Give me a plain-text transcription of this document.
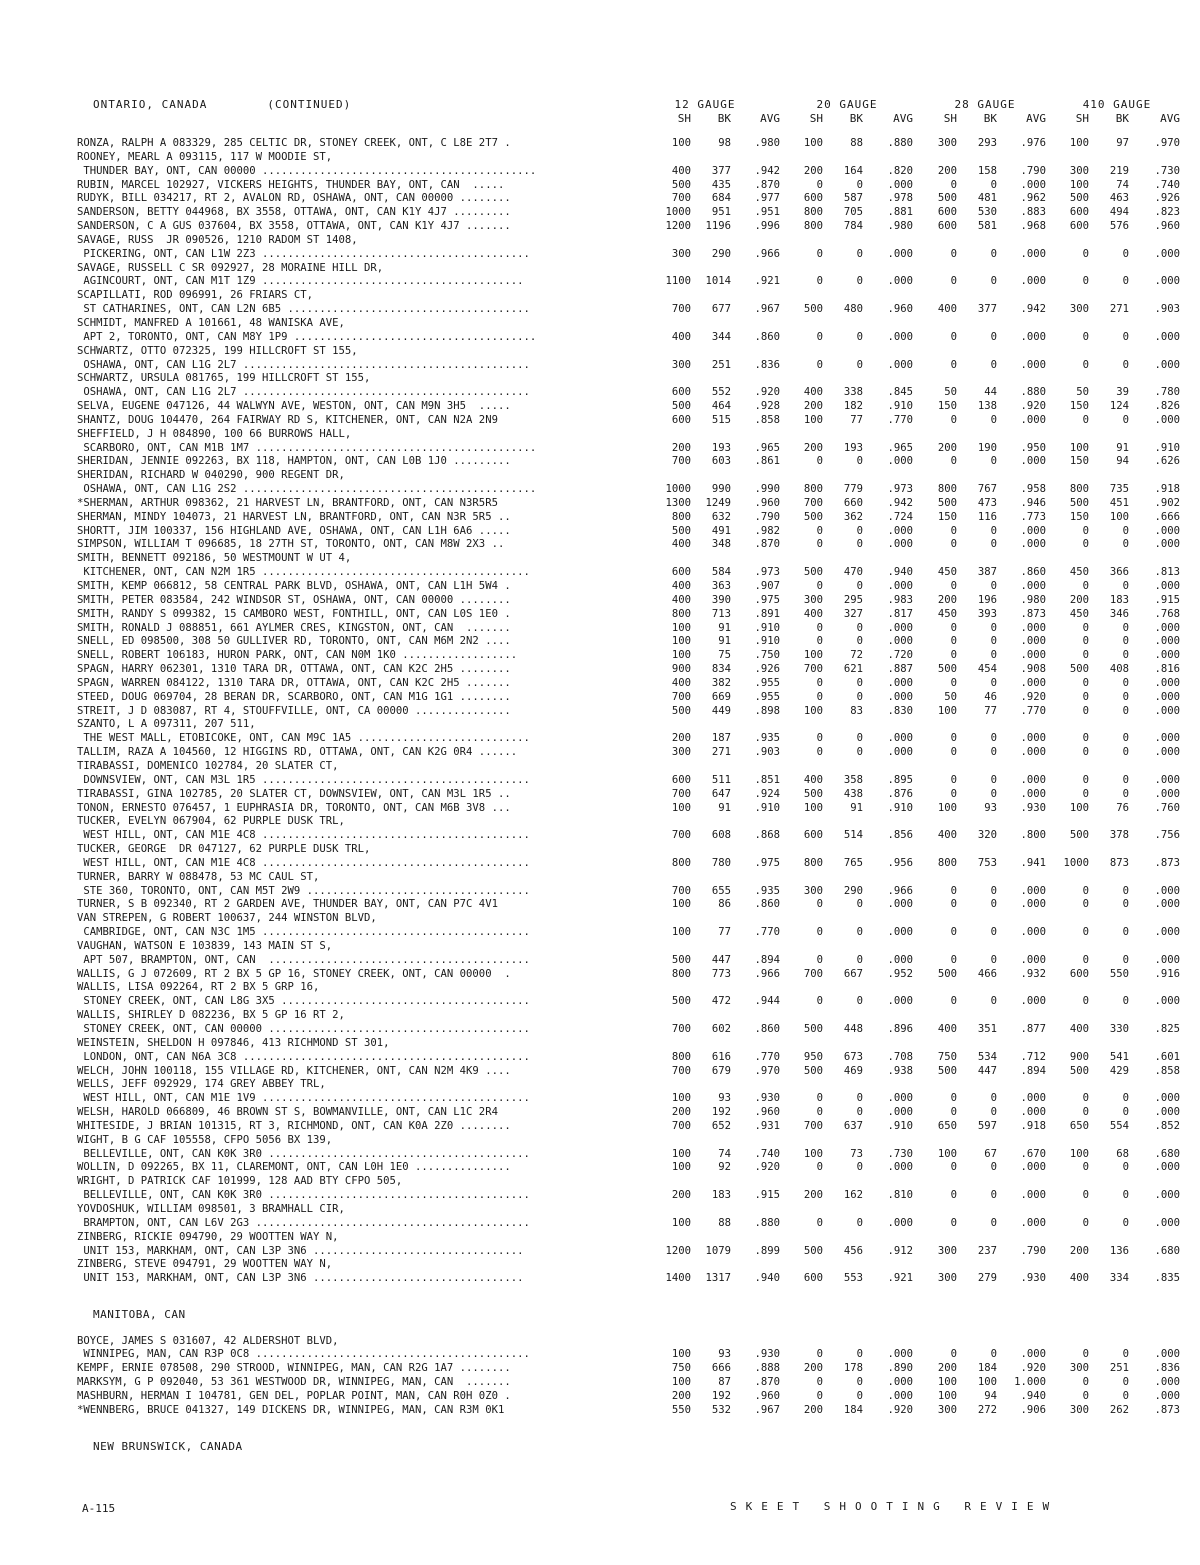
ONTARIO, CANADA	(CONTINUED)	12 GAUGE	20 GAUGE	28 GAUGE	410 GAUGE
SH	BK	AVG	SH	BK	AVG	SH	BK	AVG	SH	BK	AVG
RONZA, RALPH A 083329, 285 CELTIC DR, STONEY CREEK, ONT, C L8E 2T7 .	100	98	.980	100	88	.880	300	293	.976	100	97	.970
ROONEY, MEARL A 093115, 117 W MOODIE ST,
THUNDER BAY, ONT, CAN 00000 ...........................................	400	377	.942	200	164	.820	200	158	.790	300	219	.730
RUBIN, MARCEL 102927, VICKERS HEIGHTS, THUNDER BAY, ONT, CAN  .....	500	435	.870	0	0	.000	0	0	.000	100	74	.740
RUDYK, BILL 034217, RT 2, AVALON RD, OSHAWA, ONT, CAN 00000 ........	700	684	.977	600	587	.978	500	481	.962	500	463	.926
SANDERSON, BETTY 044968, BX 3558, OTTAWA, ONT, CAN K1Y 4J7 .........	1000	951	.951	800	705	.881	600	530	.883	600	494	.823
SANDERSON, C A GUS 037604, BX 3558, OTTAWA, ONT, CAN K1Y 4J7 .......	1200	1196	.996	800	784	.980	600	581	.968	600	576	.960
SAVAGE, RUSS  JR 090526, 1210 RADOM ST 1408,
PICKERING, ONT, CAN L1W 2Z3 ..........................................	300	290	.966	0	0	.000	0	0	.000	0	0	.000
SAVAGE, RUSSELL C SR 092927, 28 MORAINE HILL DR,
AGINCOURT, ONT, CAN M1T 1Z9 .........................................	1100	1014	.921	0	0	.000	0	0	.000	0	0	.000
SCAPILLATI, ROD 096991, 26 FRIARS CT,
ST CATHARINES, ONT, CAN L2N 6B5 ......................................	700	677	.967	500	480	.960	400	377	.942	300	271	.903
SCHMIDT, MANFRED A 101661, 48 WANISKA AVE,
APT 2, TORONTO, ONT, CAN M8Y 1P9 ......................................	400	344	.860	0	0	.000	0	0	.000	0	0	.000
SCHWARTZ, OTTO 072325, 199 HILLCROFT ST 155,
OSHAWA, ONT, CAN L1G 2L7 .............................................	300	251	.836	0	0	.000	0	0	.000	0	0	.000
SCHWARTZ, URSULA 081765, 199 HILLCROFT ST 155,
OSHAWA, ONT, CAN L1G 2L7 .............................................	600	552	.920	400	338	.845	50	44	.880	50	39	.780
SELVA, EUGENE 047126, 44 WALWYN AVE, WESTON, ONT, CAN M9N 3H5  .....	500	464	.928	200	182	.910	150	138	.920	150	124	.826
SHANTZ, DOUG 104470, 264 FAIRWAY RD S, KITCHENER, ONT, CAN N2A 2N9	600	515	.858	100	77	.770	0	0	.000	0	0	.000
SHEFFIELD, J H 084890, 100 66 BURROWS HALL,
SCARBORO, ONT, CAN M1B 1M7 ............................................	200	193	.965	200	193	.965	200	190	.950	100	91	.910
SHERIDAN, JENNIE 092263, BX 118, HAMPTON, ONT, CAN L0B 1J0 .........	700	603	.861	0	0	.000	0	0	.000	150	94	.626
SHERIDAN, RICHARD W 040290, 900 REGENT DR,
OSHAWA, ONT, CAN L1G 2S2 ..............................................	1000	990	.990	800	779	.973	800	767	.958	800	735	.918
*SHERMAN, ARTHUR 098362, 21 HARVEST LN, BRANTFORD, ONT, CAN N3R5R5	1300	1249	.960	700	660	.942	500	473	.946	500	451	.902
SHERMAN, MINDY 104073, 21 HARVEST LN, BRANTFORD, ONT, CAN N3R 5R5 ..	800	632	.790	500	362	.724	150	116	.773	150	100	.666
SHORTT, JIM 100337, 156 HIGHLAND AVE, OSHAWA, ONT, CAN L1H 6A6 .....	500	491	.982	0	0	.000	0	0	.000	0	0	.000
SIMPSON, WILLIAM T 096685, 18 27TH ST, TORONTO, ONT, CAN M8W 2X3 ..	400	348	.870	0	0	.000	0	0	.000	0	0	.000
SMITH, BENNETT 092186, 50 WESTMOUNT W UT 4,
KITCHENER, ONT, CAN N2M 1R5 ..........................................	600	584	.973	500	470	.940	450	387	.860	450	366	.813
SMITH, KEMP 066812, 58 CENTRAL PARK BLVD, OSHAWA, ONT, CAN L1H 5W4 .	400	363	.907	0	0	.000	0	0	.000	0	0	.000
SMITH, PETER 083584, 242 WINDSOR ST, OSHAWA, ONT, CAN 00000 ........	400	390	.975	300	295	.983	200	196	.980	200	183	.915
SMITH, RANDY S 099382, 15 CAMBORO WEST, FONTHILL, ONT, CAN L0S 1E0 .	800	713	.891	400	327	.817	450	393	.873	450	346	.768
SMITH, RONALD J 088851, 661 AYLMER CRES, KINGSTON, ONT, CAN  .......	100	91	.910	0	0	.000	0	0	.000	0	0	.000
SNELL, ED 098500, 308 50 GULLIVER RD, TORONTO, ONT, CAN M6M 2N2 ....	100	91	.910	0	0	.000	0	0	.000	0	0	.000
SNELL, ROBERT 106183, HURON PARK, ONT, CAN N0M 1K0 ..................	100	75	.750	100	72	.720	0	0	.000	0	0	.000
SPAGN, HARRY 062301, 1310 TARA DR, OTTAWA, ONT, CAN K2C 2H5 ........	900	834	.926	700	621	.887	500	454	.908	500	408	.816
SPAGN, WARREN 084122, 1310 TARA DR, OTTAWA, ONT, CAN K2C 2H5 .......	400	382	.955	0	0	.000	0	0	.000	0	0	.000
STEED, DOUG 069704, 28 BERAN DR, SCARBORO, ONT, CAN M1G 1G1 ........	700	669	.955	0	0	.000	50	46	.920	0	0	.000
STREIT, J D 083087, RT 4, STOUFFVILLE, ONT, CA 00000 ...............	500	449	.898	100	83	.830	100	77	.770	0	0	.000
SZANTO, L A 097311, 207 511,
THE WEST MALL, ETOBICOKE, ONT, CAN M9C 1A5 ...........................	200	187	.935	0	0	.000	0	0	.000	0	0	.000
TALLIM, RAZA A 104560, 12 HIGGINS RD, OTTAWA, ONT, CAN K2G 0R4 ......	300	271	.903	0	0	.000	0	0	.000	0	0	.000
TIRABASSI, DOMENICO 102784, 20 SLATER CT,
DOWNSVIEW, ONT, CAN M3L 1R5 ..........................................	600	511	.851	400	358	.895	0	0	.000	0	0	.000
TIRABASSI, GINA 102785, 20 SLATER CT, DOWNSVIEW, ONT, CAN M3L 1R5 ..	700	647	.924	500	438	.876	0	0	.000	0	0	.000
TONON, ERNESTO 076457, 1 EUPHRASIA DR, TORONTO, ONT, CAN M6B 3V8 ...	100	91	.910	100	91	.910	100	93	.930	100	76	.760
TUCKER, EVELYN 067904, 62 PURPLE DUSK TRL,
WEST HILL, ONT, CAN M1E 4C8 ..........................................	700	608	.868	600	514	.856	400	320	.800	500	378	.756
TUCKER, GEORGE  DR 047127, 62 PURPLE DUSK TRL,
WEST HILL, ONT, CAN M1E 4C8 ..........................................	800	780	.975	800	765	.956	800	753	.941	1000	873	.873
TURNER, BARRY W 088478, 53 MC CAUL ST,
STE 360, TORONTO, ONT, CAN M5T 2W9 ...................................	700	655	.935	300	290	.966	0	0	.000	0	0	.000
TURNER, S B 092340, RT 2 GARDEN AVE, THUNDER BAY, ONT, CAN P7C 4V1	100	86	.860	0	0	.000	0	0	.000	0	0	.000
VAN STREPEN, G ROBERT 100637, 244 WINSTON BLVD,
CAMBRIDGE, ONT, CAN N3C 1M5 ..........................................	100	77	.770	0	0	.000	0	0	.000	0	0	.000
VAUGHAN, WATSON E 103839, 143 MAIN ST S,
APT 507, BRAMPTON, ONT, CAN  .........................................	500	447	.894	0	0	.000	0	0	.000	0	0	.000
WALLIS, G J 072609, RT 2 BX 5 GP 16, STONEY CREEK, ONT, CAN 00000  .	800	773	.966	700	667	.952	500	466	.932	600	550	.916
WALLIS, LISA 092264, RT 2 BX 5 GRP 16,
STONEY CREEK, ONT, CAN L8G 3X5 .......................................	500	472	.944	0	0	.000	0	0	.000	0	0	.000
WALLIS, SHIRLEY D 082236, BX 5 GP 16 RT 2,
STONEY CREEK, ONT, CAN 00000 .........................................	700	602	.860	500	448	.896	400	351	.877	400	330	.825
WEINSTEIN, SHELDON H 097846, 413 RICHMOND ST 301,
LONDON, ONT, CAN N6A 3C8 .............................................	800	616	.770	950	673	.708	750	534	.712	900	541	.601
WELCH, JOHN 100118, 155 VILLAGE RD, KITCHENER, ONT, CAN N2M 4K9 ....	700	679	.970	500	469	.938	500	447	.894	500	429	.858
WELLS, JEFF 092929, 174 GREY ABBEY TRL,
WEST HILL, ONT, CAN M1E 1V9 ..........................................	100	93	.930	0	0	.000	0	0	.000	0	0	.000
WELSH, HAROLD 066809, 46 BROWN ST S, BOWMANVILLE, ONT, CAN L1C 2R4	200	192	.960	0	0	.000	0	0	.000	0	0	.000
WHITESIDE, J BRIAN 101315, RT 3, RICHMOND, ONT, CAN K0A 2Z0 ........	700	652	.931	700	637	.910	650	597	.918	650	554	.852
WIGHT, B G CAF 105558, CFPO 5056 BX 139,
BELLEVILLE, ONT, CAN K0K 3R0 .........................................	100	74	.740	100	73	.730	100	67	.670	100	68	.680
WOLLIN, D 092265, BX 11, CLAREMONT, ONT, CAN L0H 1E0 ...............	100	92	.920	0	0	.000	0	0	.000	0	0	.000
WRIGHT, D PATRICK CAF 101999, 128 AAD BTY CFPO 505,
BELLEVILLE, ONT, CAN K0K 3R0 .........................................	200	183	.915	200	162	.810	0	0	.000	0	0	.000
YOVDOSHUK, WILLIAM 098501, 3 BRAMHALL CIR,
BRAMPTON, ONT, CAN L6V 2G3 ...........................................	100	88	.880	0	0	.000	0	0	.000	0	0	.000
ZINBERG, RICKIE 094790, 29 WOOTTEN WAY N,
UNIT 153, MARKHAM, ONT, CAN L3P 3N6 .................................	1200	1079	.899	500	456	.912	300	237	.790	200	136	.680
ZINBERG, STEVE 094791, 29 WOOTTEN WAY N,
UNIT 153, MARKHAM, ONT, CAN L3P 3N6 .................................	1400	1317	.940	600	553	.921	300	279	.930	400	334	.835
MANITOBA, CAN
BOYCE, JAMES S 031607, 42 ALDERSHOT BLVD,
WINNIPEG, MAN, CAN R3P 0C8 ...........................................	100	93	.930	0	0	.000	0	0	.000	0	0	.000
KEMPF, ERNIE 078508, 290 STROOD, WINNIPEG, MAN, CAN R2G 1A7 ........	750	666	.888	200	178	.890	200	184	.920	300	251	.836
MARKSYM, G P 092040, 53 361 WESTWOOD DR, WINNIPEG, MAN, CAN  .......	100	87	.870	0	0	.000	100	100	1.000	0	0	.000
MASHBURN, HERMAN I 104781, GEN DEL, POPLAR POINT, MAN, CAN R0H 0Z0 .	200	192	.960	0	0	.000	100	94	.940	0	0	.000
*WENNBERG, BRUCE 041327, 149 DICKENS DR, WINNIPEG, MAN, CAN R3M 0K1	550	532	.967	200	184	.920	300	272	.906	300	262	.873
NEW BRUNSWICK, CANADA
A-115	SKEET SHOOTING REVIEW
